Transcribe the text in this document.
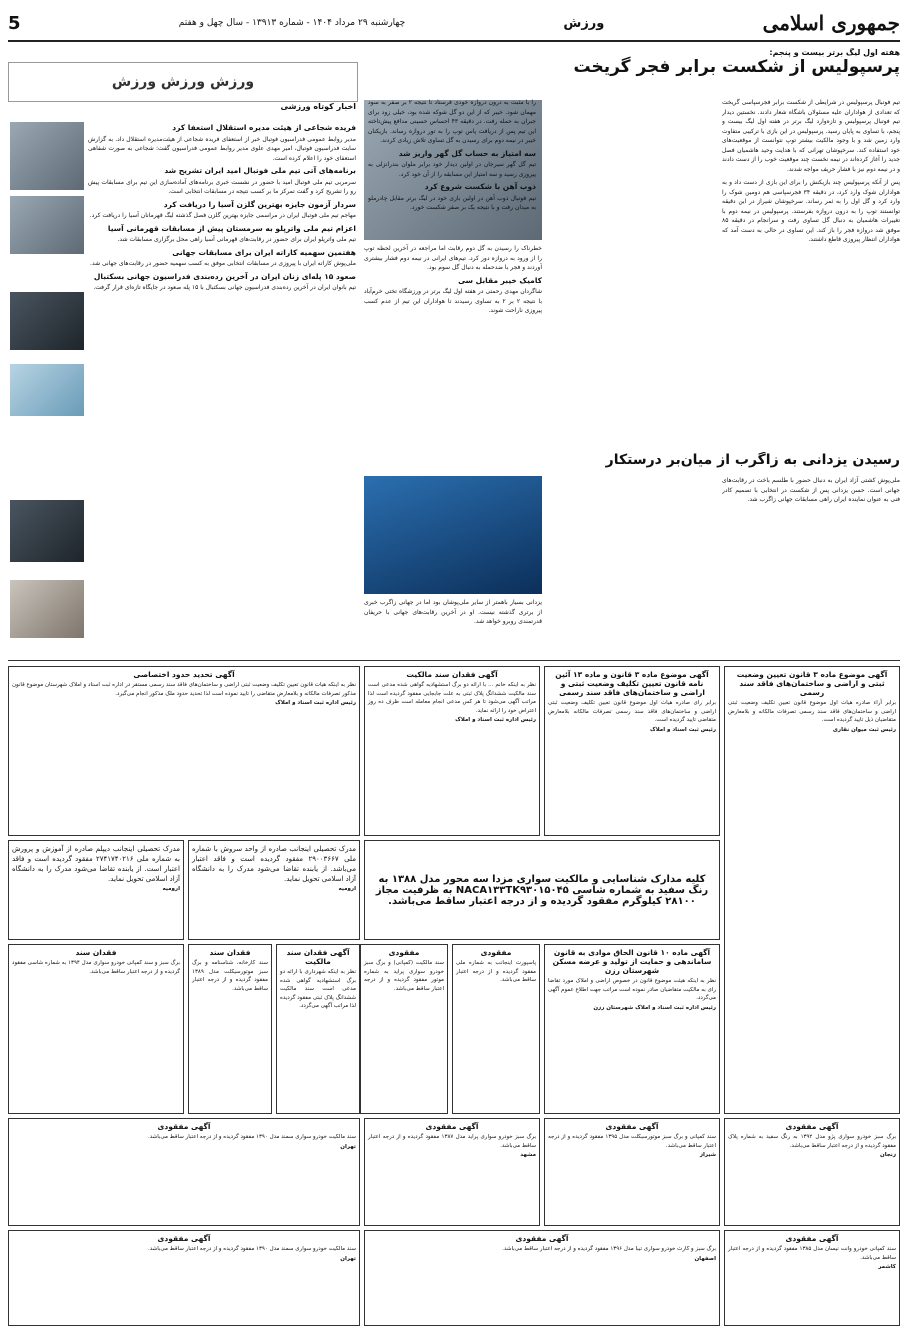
جمهوری اسلامی
ورزش
چهارشنبه ۲۹ مرداد ۱۴۰۴ - شماره ۱۳۹۱۳ - سال چهل و هفتم
5
هفته اول لیگ برتر بیست و پنجم:
پرسپولیس از شکست برابر فجر گریخت
تیم فوتبال پرسپولیس در شرایطی از شکست برابر فجرسپاسی گریخت که تعدادی از هواداران علیه مسئولان باشگاه شعار دادند. نخستین دیدار تیم فوتبال پرسپولیس و تازه‌وارد لیگ برتر در هفته اول لیگ بیست و پنجم، با تساوی به پایان رسید. پرسپولیس در این بازی با ترکیبی متفاوت وارد زمین شد و با وجود مالکیت بیشتر توپ نتوانست از موقعیت‌های خود استفاده کند. سرخپوشان تهرانی که با هدایت وحید هاشمیان فصل جدید را آغاز کرده‌اند در نیمه نخست چند موقعیت خوب را از دست دادند و در نیمه دوم نیز با فشار حریف مواجه شدند.
پس از آنکه پرسپولیس چند بازیکنش را برای این بازی از دست داد و به هواداران شوک وارد کرد، در دقیقه ۳۴ فجرسپاسی هم دومین شوک را وارد کرد و گل اول را به ثمر رساند. سرخپوشان شیراز در این دقیقه توانستند توپ را به درون دروازه بفرستند. پرسپولیس در نیمه دوم با تغییرات هاشمیان به دنبال گل تساوی رفت و سرانجام در دقیقه ۸۵ موفق شد دروازه فجر را باز کند. این تساوی در حالی به دست آمد که هواداران انتظار پیروزی قاطع داشتند.
خطرناک را رسیدن به گل دوم رقابت اما مراجعه در آخرین لحظه توپ را از ورود به دروازه دور کرد. تیم‌های ایرانی در نیمه دوم فشار بیشتری آوردند و فجر با ضدحمله به دنبال گل سوم بود.
کامیک خیبر مقابل سی
شاگردان مهدی رحمتی در هفته اول لیگ برتر در ورزشگاه تختی خرم‌آباد با نتیجه ۲ بر ۲ به تساوی رسیدند تا هواداران این تیم از عدم کسب پیروزی ناراحت شوند.
را با مثبت به درون دروازه خودی فرستاد تا نتیجه ۲ بر صفر به سود مهمان شود. خیبر که از این دو گل شوکه شده بود، خیلی زود برای جبران به حمله رفت. در دقیقه ۴۳ احساس حسینی مدافع پیش‌تاخته این تیم پس از دریافت پاس توپ را به تور دروازه رساند. بازیکنان خیبر در نیمه دوم برای رسیدن به گل تساوی تلاش زیادی کردند.
سه امتیاز به حساب گل گهر واریز شد
تیم گل گهر سیرجان در اولین دیدار خود برابر ملوان بندرانزلی به پیروزی رسید و سه امتیاز این مسابقه را از آن خود کرد.
ذوب آهن با شکست شروع کرد
تیم فوتبال ذوب آهن در اولین بازی خود در لیگ برتر مقابل چادرملو به میدان رفت و با نتیجه یک بر صفر شکست خورد.
ورزش ورزش ورزش
اخبار کوتاه ورزشی
فریده شجاعی از هیئت مدیره استقلال استعفا کرد
مدیر روابط عمومی فدراسیون فوتبال خبر از استعفای فریده شجاعی از هیئت‌مدیره استقلال داد. به گزارش سایت فدراسیون فوتبال، امیر مهدی علوی مدیر روابط عمومی فدراسیون گفت: شجاعی به صورت شفاهی استعفای خود را اعلام کرده است.
برنامه‌های آتی تیم ملی فوتبال امید ایران تشریح شد
سرمربی تیم ملی فوتبال امید با حضور در نشست خبری برنامه‌های آماده‌سازی این تیم برای مسابقات پیش رو را تشریح کرد و گفت تمرکز ما بر کسب نتیجه در مسابقات انتخابی است.
سردار آزمون جایزه بهترین گلزن آسیا را دریافت کرد
مهاجم تیم ملی فوتبال ایران در مراسمی جایزه بهترین گلزن فصل گذشته لیگ قهرمانان آسیا را دریافت کرد.
اعزام تیم ملی واترپلو به سرمستان پیش از مسابقات قهرمانی آسیا
تیم ملی واترپلو ایران برای حضور در رقابت‌های قهرمانی آسیا راهی محل برگزاری مسابقات شد.
هفتمین سهمیه کاراته ایران برای مسابقات جهانی
ملی‌پوش کاراته ایران با پیروزی در مسابقات انتخابی موفق به کسب سهمیه حضور در رقابت‌های جهانی شد.
صعود ۱۵ پله‌ای زنان ایران در آخرین رده‌بندی فدراسیون جهانی بسکتبال
تیم بانوان ایران در آخرین رده‌بندی فدراسیون جهانی بسکتبال با ۱۵ پله صعود در جایگاه تازه‌ای قرار گرفت.
رسیدن یزدانی به زاگرب از میان‌بر درستکار
ملی‌پوش کشتی آزاد ایران به دنبال حضور با طلسم باخت در رقابت‌های جهانی است. حسن یزدانی پس از شکست در انتخابی با تصمیم کادر فنی به عنوان نماینده ایران راهی مسابقات جهانی زاگرب شد.
یزدانی بسیار باهمتر از سایر ملی‌پوشان بود اما در جهانی زاگرب خبری از برتری گذشته نیست. او در آخرین رقابت‌های جهانی با حریفان قدرتمندی روبرو خواهد شد.
آگهی موضوع ماده ۳ قانون تعیین وضعیت ثبتی و اراضی و ساختمان‌های فاقد سند رسمی

برابر آراء صادره هیات اول موضوع قانون تعیین تکلیف وضعیت ثبتی اراضی و ساختمان‌های فاقد سند رسمی تصرفات مالکانه و بلامعارض متقاضیان ذیل تایید گردیده است.

رئیس ثبت میوان نقاری
آگهی موضوع ماده ۳ قانون و ماده ۱۳ آئین نامه قانون تعیین تکلیف وضعیت ثبتی و اراضی و ساختمان‌های فاقد سند رسمی

برابر رای صادره هیات اول موضوع قانون تعیین تکلیف وضعیت ثبتی اراضی و ساختمان‌های فاقد سند رسمی تصرفات مالکانه بلامعارض متقاضی تایید گردیده است.

رئیس ثبت اسناد و املاک
آگهی فقدان سند مالکیت

نظر به اینکه خانم ... با ارائه دو برگ استشهادیه گواهی شده مدعی است سند مالکیت ششدانگ پلاک ثبتی به علت جابجایی مفقود گردیده است لذا مراتب آگهی می‌شود تا هر کس مدعی انجام معامله است ظرف ده روز اعتراض خود را ارائه نماید.

رئیس اداره ثبت اسناد و املاک
آگهی تحدید حدود اختصاصی

نظر به اینکه هیات قانون تعیین تکلیف وضعیت ثبتی اراضی و ساختمان‌های فاقد سند رسمی مستقر در اداره ثبت اسناد و املاک شهرستان موضوع قانون مذکور تصرفات مالکانه و بلامعارض متقاضی را تایید نموده است لذا تحدید حدود ملک مذکور انجام می‌گیرد.

رئیس اداره ثبت اسناد و املاک
کلیه مدارک شناسایی و مالکیت سواری مزدا سه محور مدل ۱۳۸۸ به رنگ سفید به شماره شاسی NACA۱۳۳TK۹۳۰۱۵۰۴۵ به ظرفیت مجاز ۲۸۱۰۰ کیلوگرم مفقود گردیده و از درجه اعتبار ساقط می‌باشد.

مدرک تحصیلی اینجانب صادره از واحد سروش با شماره ملی ۲۹۰۰۳۶۶۷ مفقود گردیده است و فاقد اعتبار می‌باشد. از یابنده تقاضا می‌شود مدرک را به دانشگاه آزاد اسلامی تحویل نماید.

ارومیه

مدرک تحصیلی اینجانب دیپلم صادره از آموزش و پرورش به شماره ملی ۲۷۴۱۷۴۰۲۱۶ مفقود گردیده است و فاقد اعتبار است. از یابنده تقاضا می‌شود مدرک را به دانشگاه آزاد اسلامی تحویل نماید.

ارومیه
آگهی ماده ۱۰ قانون الحاق موادی به قانون ساماندهی و حمایت از تولید و عرضه مسکن شهرستان رزن

نظر به اینکه هیئت موضوع قانون در خصوص اراضی و املاک مورد تقاضا رای به مالکیت متقاضیان صادر نموده است مراتب جهت اطلاع عموم آگهی می‌گردد.

رئیس اداره ثبت اسناد و املاک شهرستان رزن
مفقودی

پاسپورت اینجانب به شماره ملی مفقود گردیده و از درجه اعتبار ساقط می‌باشد.

مفقودی

سند مالکیت (کمپانی) و برگ سبز خودرو سواری پراید به شماره موتور مفقود گردیده و از درجه اعتبار ساقط می‌باشد.

آگهی فقدان سند مالکیت

نظر به اینکه شهرداری با ارائه دو برگ استشهادیه گواهی شده مدعی است سند مالکیت ششدانگ پلاک ثبتی مفقود گردیده لذا مراتب آگهی می‌گردد.

فقدان سند

سند کارخانه، شناسنامه و برگ سبز موتورسیکلت مدل ۱۳۸۹ مفقود گردیده و از درجه اعتبار ساقط می‌باشد.

فقدان سند

برگ سبز و سند کمپانی خودرو سواری مدل ۱۳۹۴ به شماره شاسی مفقود گردیده و از درجه اعتبار ساقط می‌باشد.

آگهی مفقودی

برگ سبز خودرو سواری پژو مدل ۱۳۹۲ به رنگ سفید به شماره پلاک مفقود گردیده و از درجه اعتبار ساقط می‌باشد.

زنجان
آگهی مفقودی

سند کمپانی و برگ سبز موتورسیکلت مدل ۱۳۹۵ مفقود گردیده و از درجه اعتبار ساقط می‌باشد.

شیراز
آگهی مفقودی

برگ سبز خودرو سواری پراید مدل ۱۳۸۷ مفقود گردیده و از درجه اعتبار ساقط می‌باشد.

مشهد
آگهی مفقودی

سند مالکیت خودرو سواری سمند مدل ۱۳۹۰ مفقود گردیده و از درجه اعتبار ساقط می‌باشد.

تهران
آگهی مفقودی

سند کمپانی خودرو وانت نیسان مدل ۱۳۸۵ مفقود گردیده و از درجه اعتبار ساقط می‌باشد.

کاشمر
آگهی مفقودی

برگ سبز و کارت خودرو سواری تیبا مدل ۱۳۹۶ مفقود گردیده و از درجه اعتبار ساقط می‌باشد.

اصفهان
آگهی مفقودی

سند مالکیت خودرو سواری سمند مدل ۱۳۹۰ مفقود گردیده و از درجه اعتبار ساقط می‌باشد.

تهران
